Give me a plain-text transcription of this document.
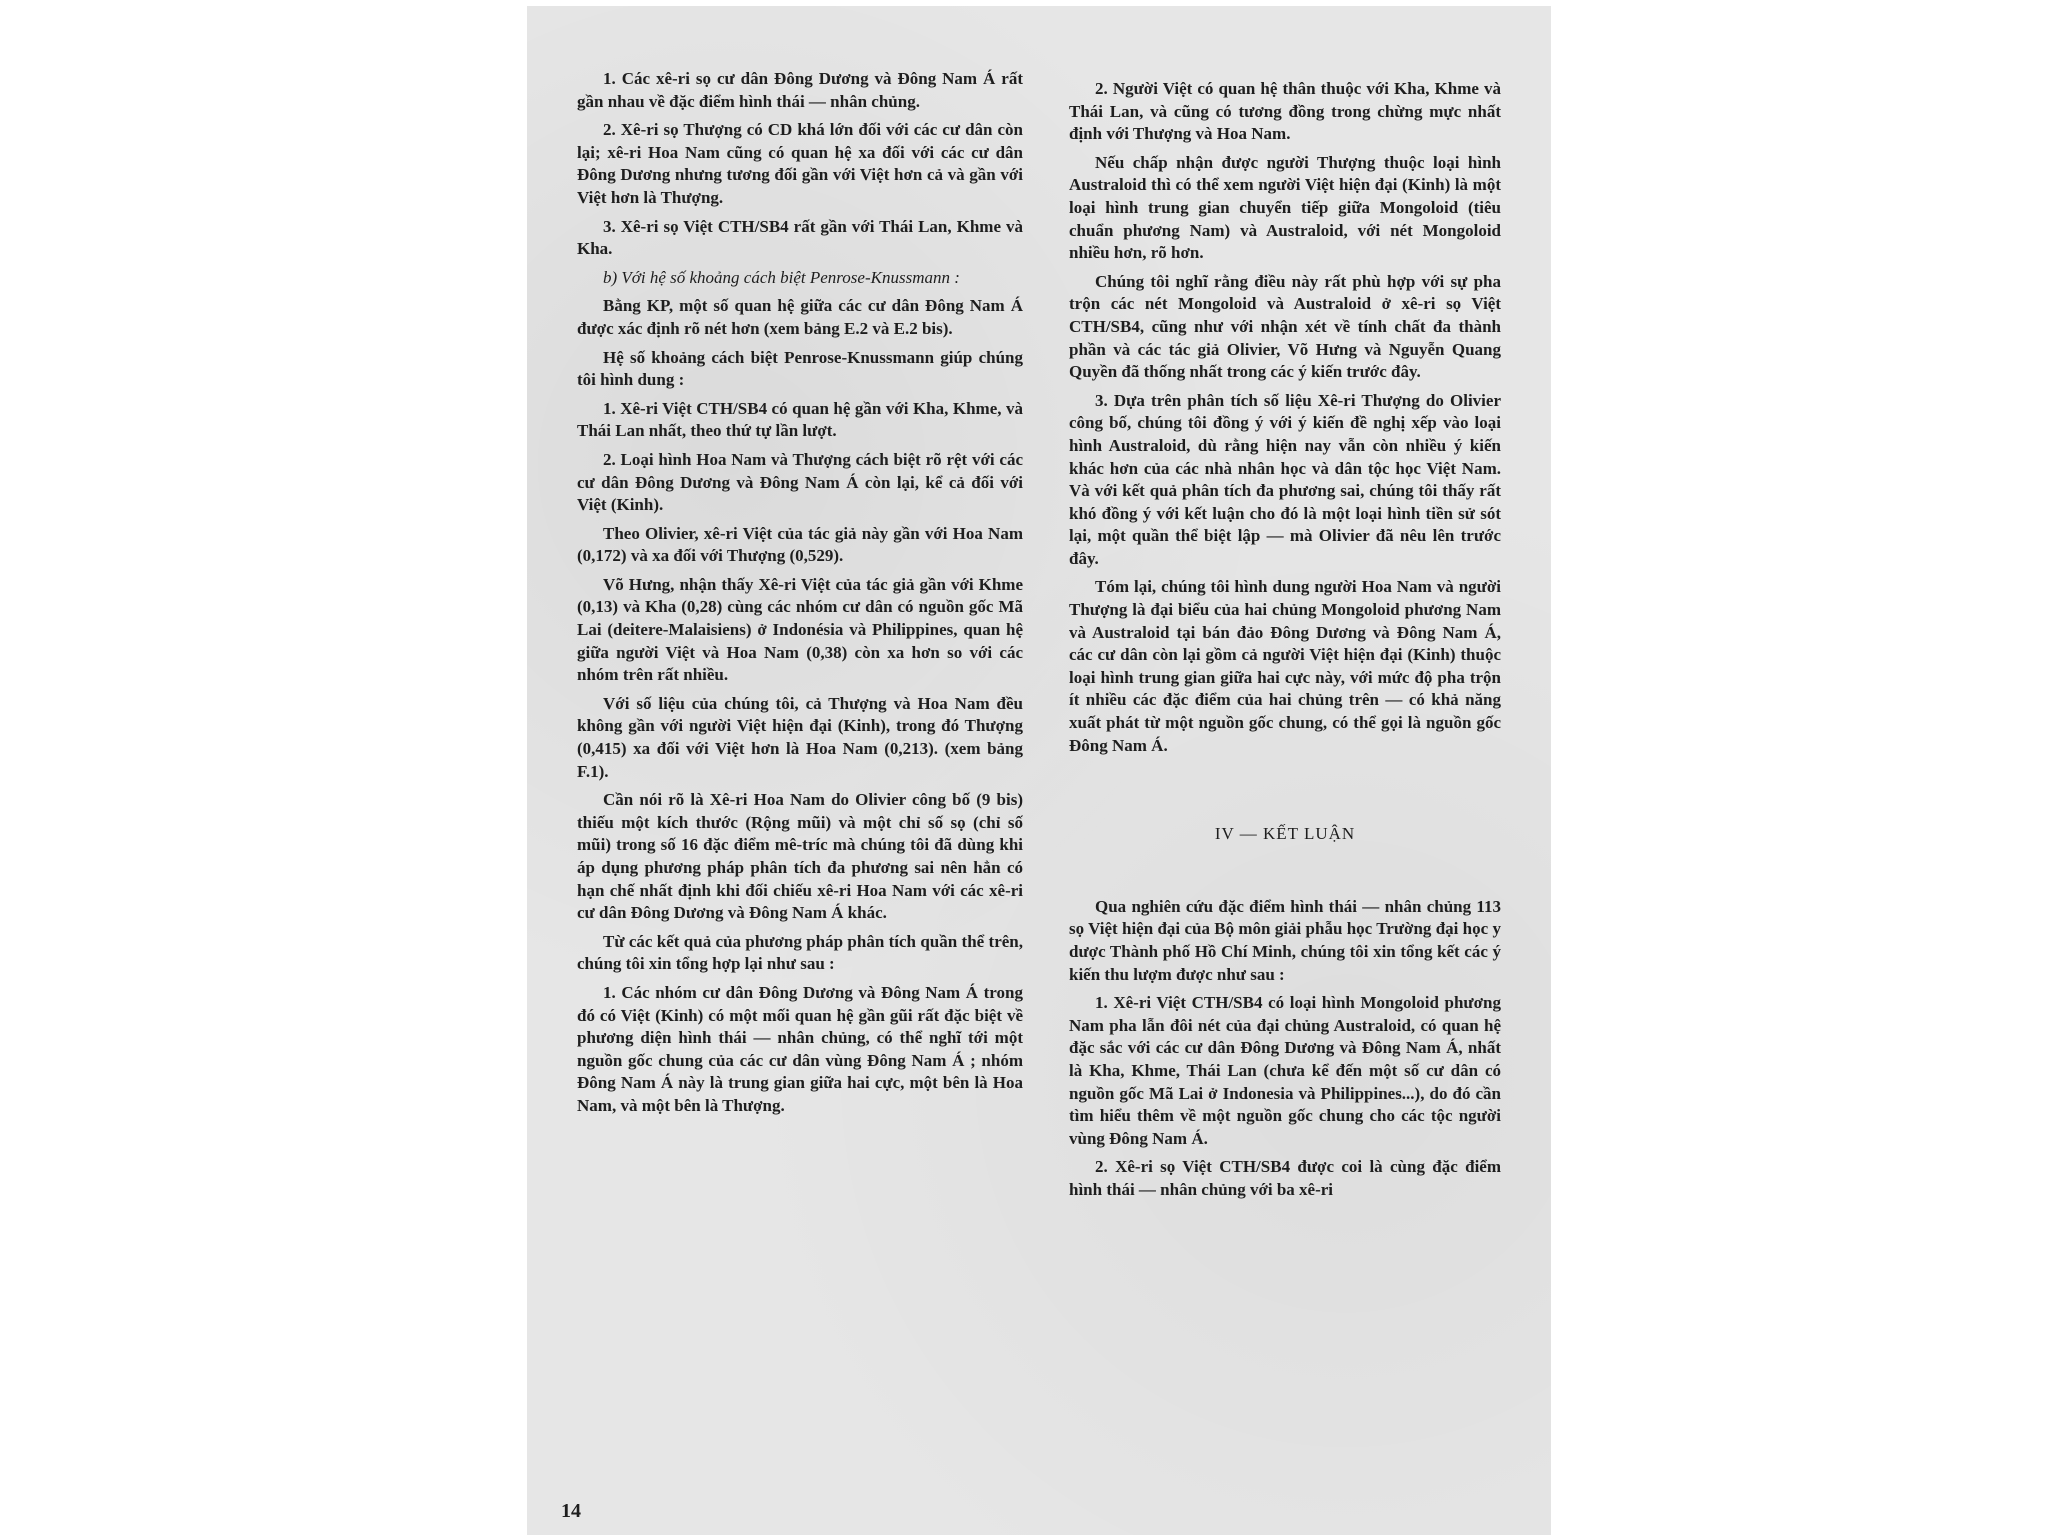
1. Các xê-ri sọ cư dân Đông Dương và Đông Nam Á rất gần nhau về đặc điểm hình thái — nhân chủng.

2. Xê-ri sọ Thượng có CD khá lớn đối với các cư dân còn lại; xê-ri Hoa Nam cũng có quan hệ xa đối với các cư dân Đông Dương nhưng tương đối gần với Việt hơn cả và gần với Việt hơn là Thượng.

3. Xê-ri sọ Việt CTH/SB4 rất gần với Thái Lan, Khme và Kha.

b) Với hệ số khoảng cách biệt Penrose-Knussmann :

Bằng KP, một số quan hệ giữa các cư dân Đông Nam Á được xác định rõ nét hơn (xem bảng E.2 và E.2 bis).

Hệ số khoảng cách biệt Penrose-Knussmann giúp chúng tôi hình dung :

1. Xê-ri Việt CTH/SB4 có quan hệ gần với Kha, Khme, và Thái Lan nhất, theo thứ tự lần lượt.

2. Loại hình Hoa Nam và Thượng cách biệt rõ rệt với các cư dân Đông Dương và Đông Nam Á còn lại, kể cả đối với Việt (Kinh).

Theo Olivier, xê-ri Việt của tác giả này gần với Hoa Nam (0,172) và xa đối với Thượng (0,529).

Võ Hưng, nhận thấy Xê-ri Việt của tác giả gần với Khme (0,13) và Kha (0,28) cùng các nhóm cư dân có nguồn gốc Mã Lai (deitere-Malaisiens) ở Indonésia và Philippines, quan hệ giữa người Việt và Hoa Nam (0,38) còn xa hơn so với các nhóm trên rất nhiều.

Với số liệu của chúng tôi, cả Thượng và Hoa Nam đều không gần với người Việt hiện đại (Kinh), trong đó Thượng (0,415) xa đối với Việt hơn là Hoa Nam (0,213). (xem bảng F.1).

Cần nói rõ là Xê-ri Hoa Nam do Olivier công bố (9 bis) thiếu một kích thước (Rộng mũi) và một chỉ số sọ (chỉ số mũi) trong số 16 đặc điểm mê-tríc mà chúng tôi đã dùng khi áp dụng phương pháp phân tích đa phương sai nên hẳn có hạn chế nhất định khi đối chiếu xê-ri Hoa Nam với các xê-ri cư dân Đông Dương và Đông Nam Á khác.

Từ các kết quả của phương pháp phân tích quần thể trên, chúng tôi xin tổng hợp lại như sau :

1. Các nhóm cư dân Đông Dương và Đông Nam Á trong đó có Việt (Kinh) có một mối quan hệ gần gũi rất đặc biệt về phương diện hình thái — nhân chủng, có thể nghĩ tới một nguồn gốc chung của các cư dân vùng Đông Nam Á ; nhóm Đông Nam Á này là trung gian giữa hai cực, một bên là Hoa Nam, và một bên là Thượng.

2. Người Việt có quan hệ thân thuộc với Kha, Khme và Thái Lan, và cũng có tương đồng trong chừng mực nhất định với Thượng và Hoa Nam.

Nếu chấp nhận được người Thượng thuộc loại hình Australoid thì có thể xem người Việt hiện đại (Kinh) là một loại hình trung gian chuyển tiếp giữa Mongoloid (tiêu chuẩn phương Nam) và Australoid, với nét Mongoloid nhiều hơn, rõ hơn.

Chúng tôi nghĩ rằng điều này rất phù hợp với sự pha trộn các nét Mongoloid và Australoid ở xê-ri sọ Việt CTH/SB4, cũng như với nhận xét về tính chất đa thành phần và các tác giả Olivier, Võ Hưng và Nguyễn Quang Quyền đã thống nhất trong các ý kiến trước đây.

3. Dựa trên phân tích số liệu Xê-ri Thượng do Olivier công bố, chúng tôi đồng ý với ý kiến đề nghị xếp vào loại hình Australoid, dù rằng hiện nay vẫn còn nhiều ý kiến khác hơn của các nhà nhân học và dân tộc học Việt Nam. Và với kết quả phân tích đa phương sai, chúng tôi thấy rất khó đồng ý với kết luận cho đó là một loại hình tiền sử sót lại, một quần thể biệt lập — mà Olivier đã nêu lên trước đây.

Tóm lại, chúng tôi hình dung người Hoa Nam và người Thượng là đại biểu của hai chủng Mongoloid phương Nam và Australoid tại bán đảo Đông Dương và Đông Nam Á, các cư dân còn lại gồm cả người Việt hiện đại (Kinh) thuộc loại hình trung gian giữa hai cực này, với mức độ pha trộn ít nhiều các đặc điểm của hai chủng trên — có khả năng xuất phát từ một nguồn gốc chung, có thể gọi là nguồn gốc Đông Nam Á.

IV — KẾT LUẬN

Qua nghiên cứu đặc điểm hình thái — nhân chủng 113 sọ Việt hiện đại của Bộ môn giải phẫu học Trường đại học y dược Thành phố Hồ Chí Minh, chúng tôi xin tổng kết các ý kiến thu lượm được như sau :

1. Xê-ri Việt CTH/SB4 có loại hình Mongoloid phương Nam pha lẫn đôi nét của đại chủng Australoid, có quan hệ đặc sắc với các cư dân Đông Dương và Đông Nam Á, nhất là Kha, Khme, Thái Lan (chưa kể đến một số cư dân có nguồn gốc Mã Lai ở Indonesia và Philippines...), do đó cần tìm hiểu thêm về một nguồn gốc chung cho các tộc người vùng Đông Nam Á.

2. Xê-ri sọ Việt CTH/SB4 được coi là cùng đặc điểm hình thái — nhân chủng với ba xê-ri

14
